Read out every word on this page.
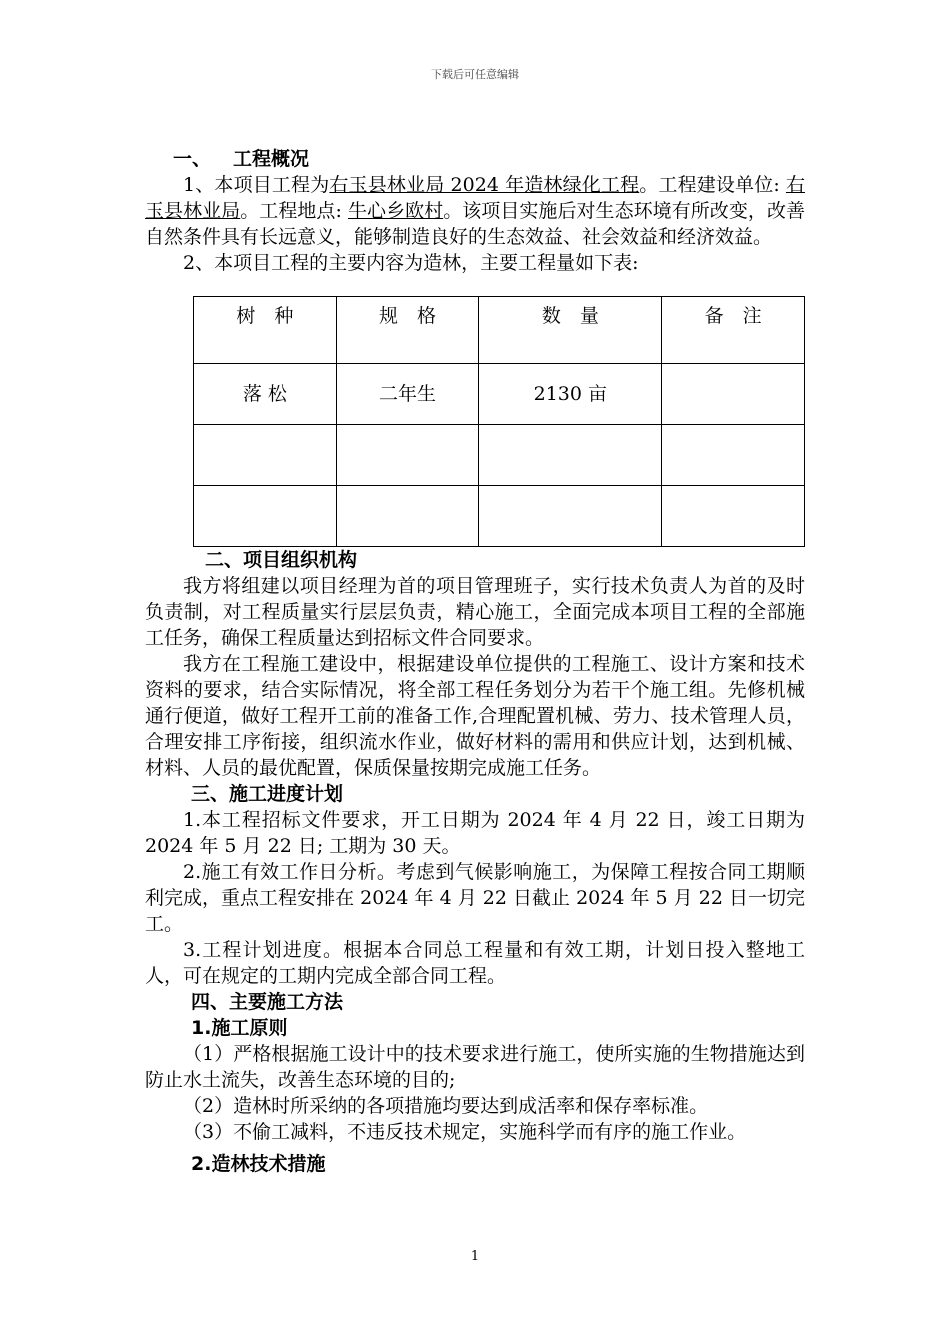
下载后可任意编辑

一、 工程概况

1、本项目工程为右玉县林业局 2024 年造林绿化工程。工程建设单位: 右玉县林业局。工程地点: 牛心乡欧村。该项目实施后对生态环境有所改变，改善自然条件具有长远意义，能够制造良好的生态效益、社会效益和经济效益。

2、本项目工程的主要内容为造林，主要工程量如下表:

树　种	规　格	数　量	备　注
落 松	二年生	2130 亩	

二、项目组织机构

我方将组建以项目经理为首的项目管理班子，实行技术负责人为首的及时负责制，对工程质量实行层层负责，精心施工，全面完成本项目工程的全部施工任务，确保工程质量达到招标文件合同要求。

我方在工程施工建设中，根据建设单位提供的工程施工、设计方案和技术资料的要求，结合实际情况，将全部工程任务划分为若干个施工组。先修机械通行便道，做好工程开工前的准备工作,合理配置机械、劳力、技术管理人员，合理安排工序衔接，组织流水作业，做好材料的需用和供应计划，达到机械、材料、人员的最优配置，保质保量按期完成施工任务。

三、施工进度计划

1.本工程招标文件要求，开工日期为 2024 年 4 月 22 日，竣工日期为 2024 年 5 月 22 日; 工期为 30 天。

2.施工有效工作日分析。考虑到气候影响施工，为保障工程按合同工期顺利完成，重点工程安排在 2024 年 4 月 22 日截止 2024 年 5 月 22 日一切完工。

3.工程计划进度。根据本合同总工程量和有效工期，计划日投入整地工人，可在规定的工期内完成全部合同工程。

四、主要施工方法

1.施工原则

（1）严格根据施工设计中的技术要求进行施工，使所实施的生物措施达到防止水土流失，改善生态环境的目的;

（2）造林时所采纳的各项措施均要达到成活率和保存率标准。

（3）不偷工减料，不违反技术规定，实施科学而有序的施工作业。

2.造林技术措施

1
